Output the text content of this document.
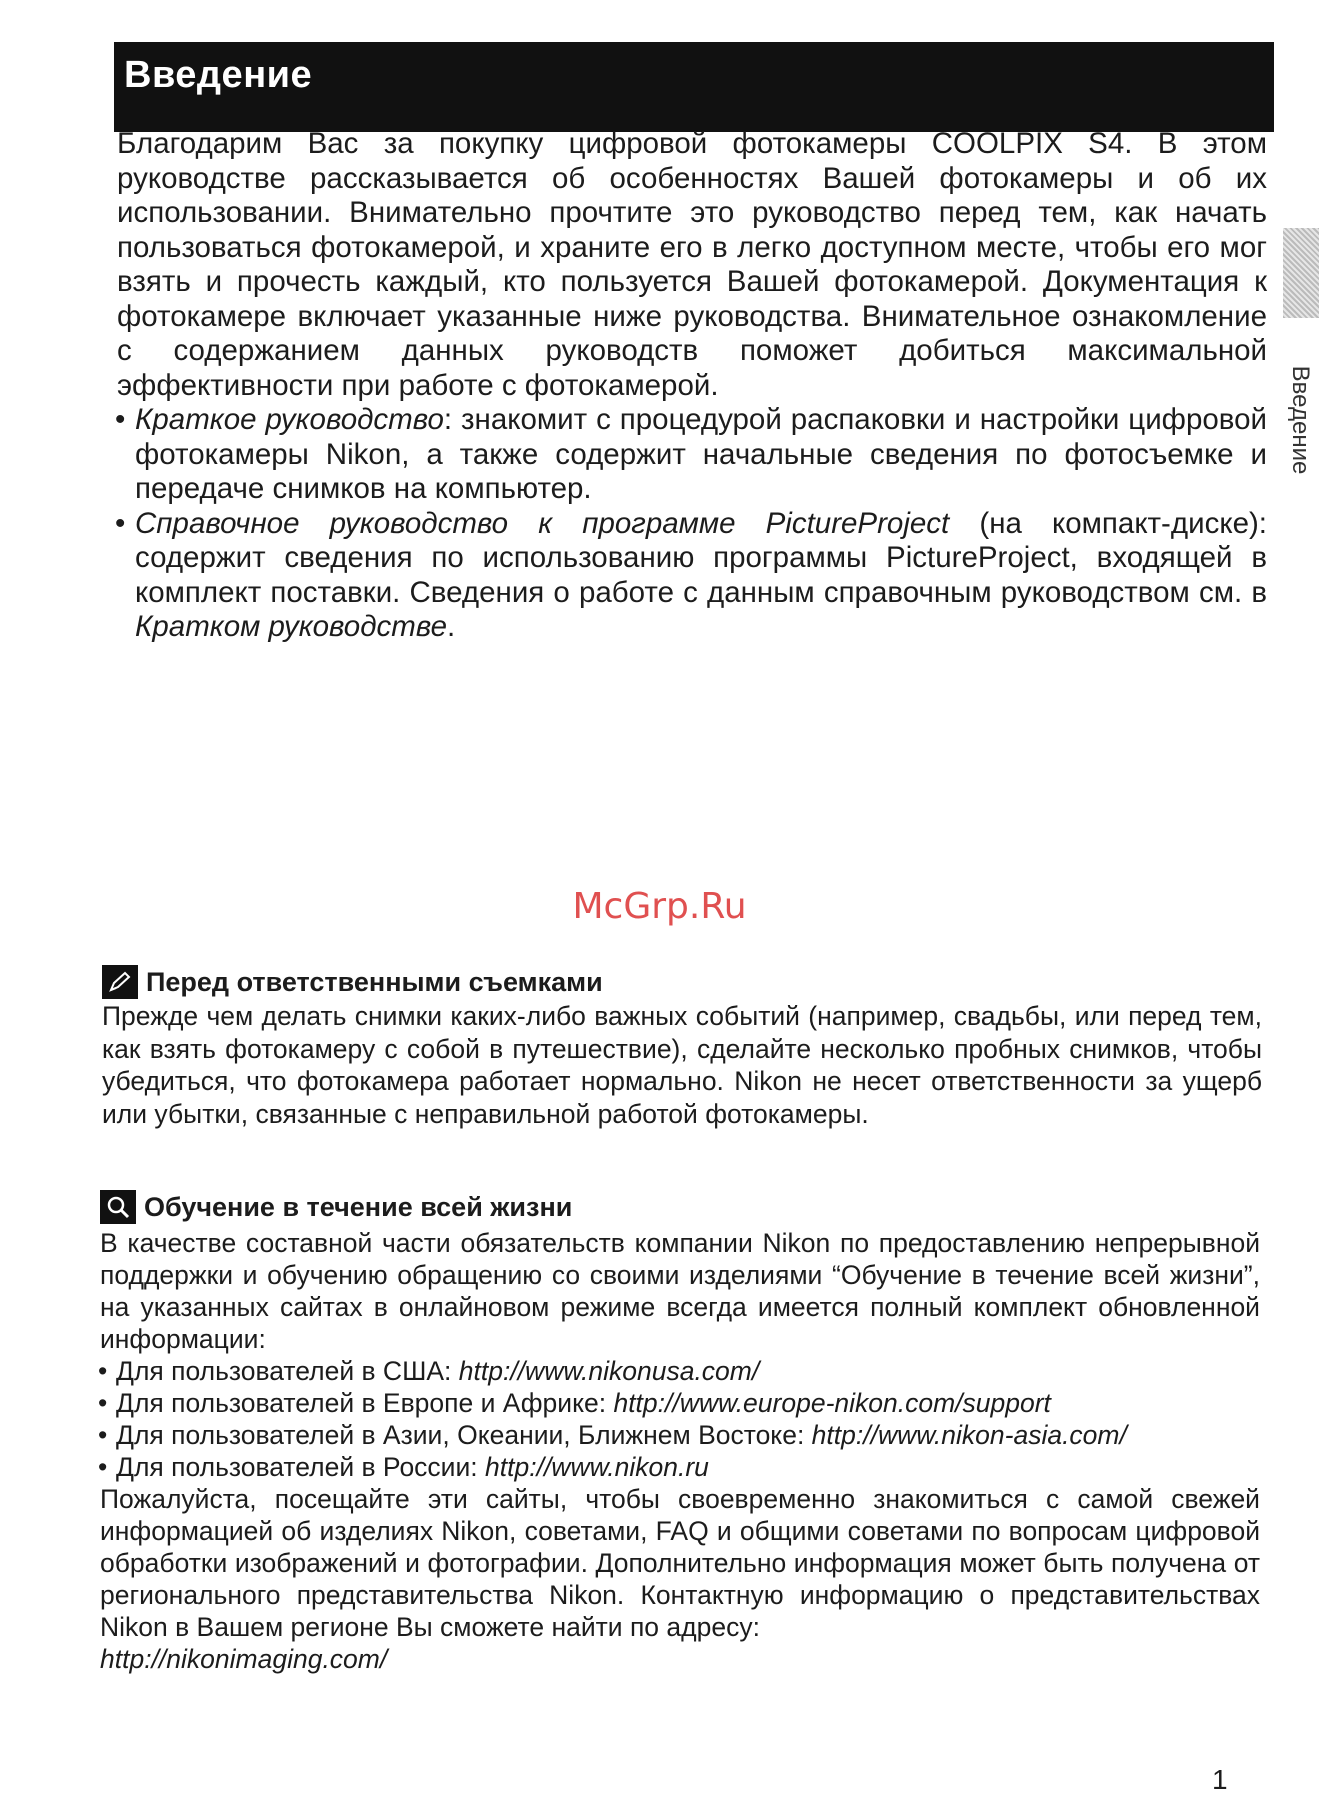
Введение
Введение

Благодарим Вас за покупку цифровой фотокамеры COOLPIX S4. В этом руководстве рассказывается об особенностях Вашей фотокамеры и об их использовании. Внимательно прочтите это руководство перед тем, как начать пользоваться фотокамерой, и храните его в легко доступном месте, чтобы его мог взять и прочесть каждый, кто пользуется Вашей фотокамерой. Документация к фотокамере включает указанные ниже руководства. Внимательное ознакомление с содержанием данных руководств поможет добиться максимальной эффективности при работе с фотокамерой.

• Краткое руководство: знакомит с процедурой распаковки и настройки цифровой фотокамеры Nikon, а также содержит начальные сведения по фотосъемке и передаче снимков на компьютер.

• Справочное руководство к программе PictureProject (на компакт-диске): содержит сведения по использованию программы PictureProject, входящей в комплект поставки. Сведения о работе с данным справочным руководством см. в Кратком руководстве.

McGrp.Ru
Перед ответственными съемками

Прежде чем делать снимки каких-либо важных событий (например, свадьбы, или перед тем, как взять фотокамеру с собой в путешествие), сделайте несколько пробных снимков, чтобы убедиться, что фотокамера работает нормально. Nikon не несет ответственности за ущерб или убытки, связанные с неправильной работой фотокамеры.

Обучение в течение всей жизни

В качестве составной части обязательств компании Nikon по предоставлению непрерывной поддержки и обучению обращению со своими изделиями “Обучение в течение всей жизни”, на указанных сайтах в онлайновом режиме всегда имеется полный комплект обновленной информации:

• Для пользователей в США: http://www.nikonusa.com/
• Для пользователей в Европе и Африке: http://www.europe-nikon.com/support
• Для пользователей в Азии, Океании, Ближнем Востоке: http://www.nikon-asia.com/
• Для пользователей в России: http://www.nikon.ru

Пожалуйста, посещайте эти сайты, чтобы своевременно знакомиться с самой свежей информацией об изделиях Nikon, советами, FAQ и общими советами по вопросам цифровой обработки изображений и фотографии. Дополнительно информация может быть получена от регионального представительства Nikon. Контактную информацию о представительствах Nikon в Вашем регионе Вы сможете найти по адресу:

http://nikonimaging.com/

1
